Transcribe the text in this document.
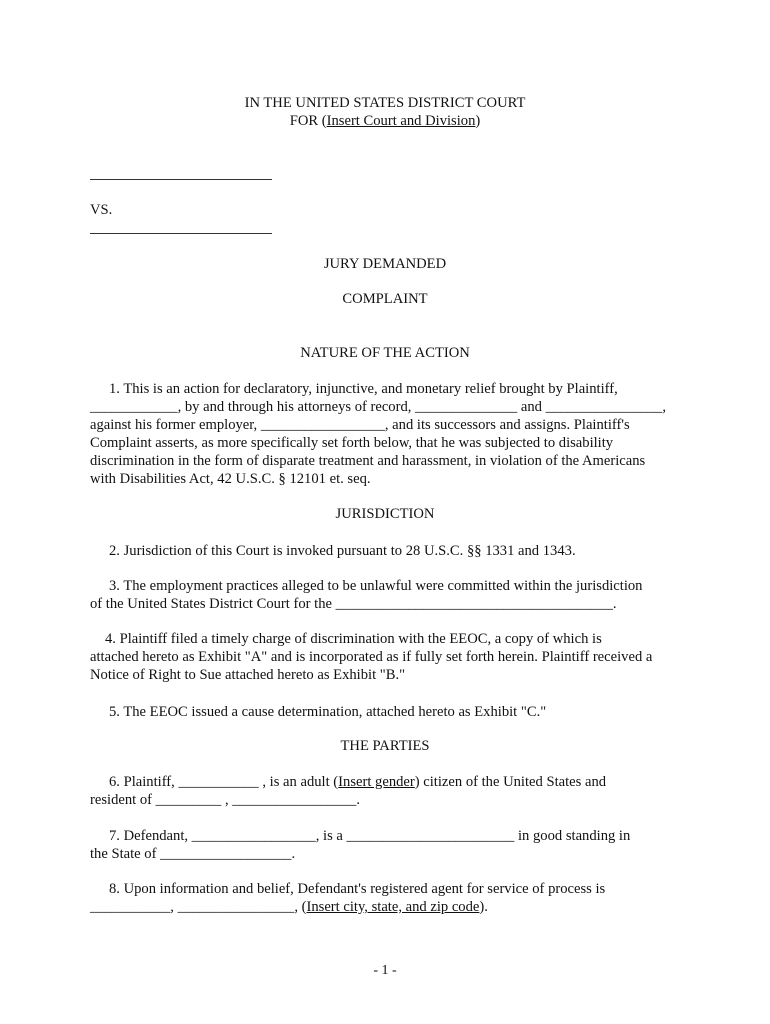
IN THE UNITED STATES DISTRICT COURT
FOR (Insert Court and Division)
VS.
JURY DEMANDED
COMPLAINT
NATURE OF THE ACTION
1. This is an action for declaratory, injunctive, and monetary relief brought by Plaintiff,
____________, by and through his attorneys of record, ______________ and ________________,
against his former employer, _________________, and its successors and assigns. Plaintiff's
Complaint asserts, as more specifically set forth below, that he was subjected to disability
discrimination in the form of disparate treatment and harassment, in violation of the Americans
with Disabilities Act, 42 U.S.C. § 12101 et. seq.
JURISDICTION
2. Jurisdiction of this Court is invoked pursuant to 28 U.S.C. §§ 1331 and 1343.
3. The employment practices alleged to be unlawful were committed within the jurisdiction
of the United States District Court for the ______________________________________.
4. Plaintiff filed a timely charge of discrimination with the EEOC, a copy of which is
attached hereto as Exhibit "A" and is incorporated as if fully set forth herein. Plaintiff received a
Notice of Right to Sue attached hereto as Exhibit "B."
5. The EEOC issued a cause determination, attached hereto as Exhibit "C."
THE PARTIES
6. Plaintiff, ___________ , is an adult (Insert gender) citizen of the United States and
resident of _________ , _________________.
7. Defendant, _________________, is a _______________________ in good standing in
the State of __________________.
8. Upon information and belief, Defendant's registered agent for service of process is
___________, ________________, (Insert city, state, and zip code).
- 1 -
